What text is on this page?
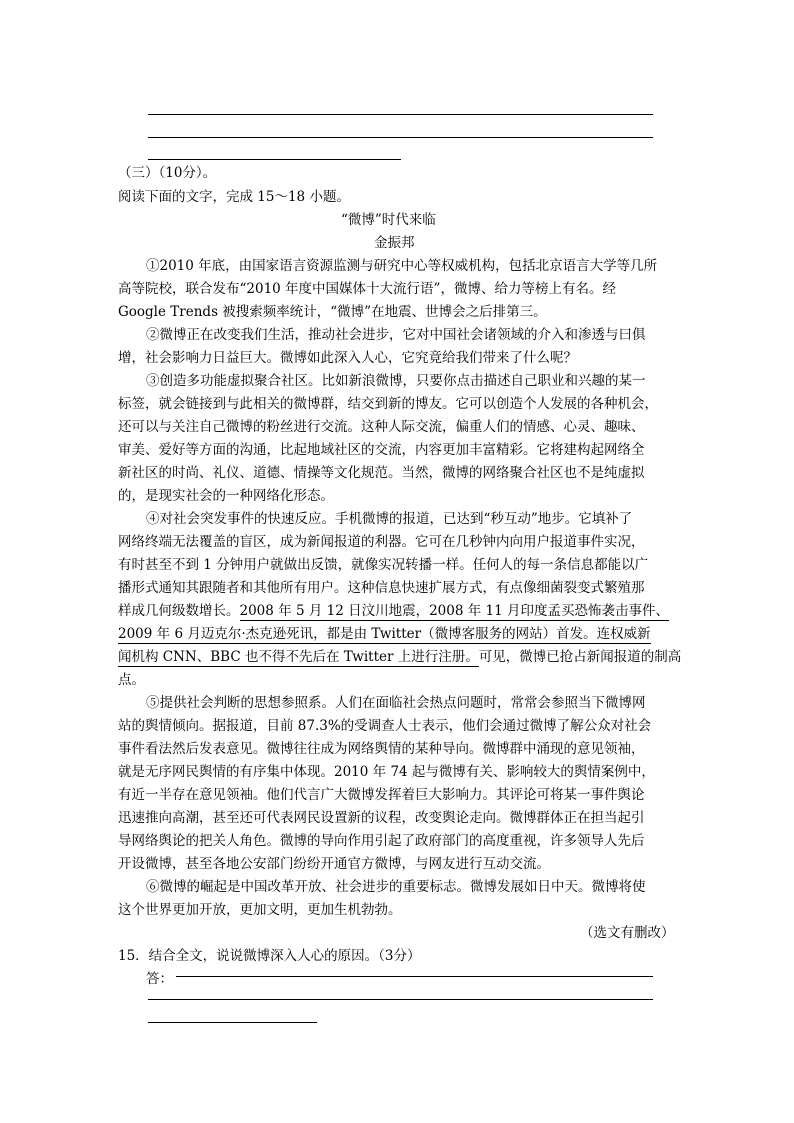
（三）（10分）。
阅读下面的文字，完成 15～18 小题。
“微博”时代来临
金振邦
①2010 年底，由国家语言资源监测与研究中心等权威机构，包括北京语言大学等几所
高等院校，联合发布“2010 年度中国媒体十大流行语”，微博、给力等榜上有名。经
Google Trends 被搜索频率统计，“微博”在地震、世博会之后排第三。
②微博正在改变我们生活，推动社会进步，它对中国社会诸领域的介入和渗透与曰俱
增，社会影响力日益巨大。微博如此深入人心，它究竟给我们带来了什么呢？
③创造多功能虚拟聚合社区。比如新浪微博，只要你点击描述自己职业和兴趣的某一
标签，就会链接到与此相关的微博群，结交到新的博友。它可以创造个人发展的各种机会，
还可以与关注自己微博的粉丝进行交流。这种人际交流，偏重人们的情感、心灵、趣味、
审美、爱好等方面的沟通，比起地域社区的交流，内容更加丰富精彩。它将建构起网络全
新社区的时尚、礼仪、道德、情操等文化规范。当然，微博的网络聚合社区也不是纯虚拟
的，是现实社会的一种网络化形态。
④对社会突发事件的快速反应。手机微博的报道，已达到“秒互动”地步。它填补了
网络终端无法覆盖的盲区，成为新闻报道的利器。它可在几秒钟内向用户报道事件实况，
有时甚至不到 1 分钟用户就做出反馈，就像实况转播一样。任何人的每一条信息都能以广
播形式通知其跟随者和其他所有用户。这种信息快速扩展方式，有点像细菌裂变式繁殖那
样成几何级数增长。2008 年 5 月 12 日汶川地震，2008 年 11 月印度孟买恐怖袭击事件、
2009 年 6 月迈克尔·杰克逊死讯，都是由 Twitter（微博客服务的网站）首发。连权威新
闻机构 CNN、BBC 也不得不先后在 Twitter 上进行注册。可见，微博已抢占新闻报道的制高
点。
⑤提供社会判断的思想参照系。人们在面临社会热点问题时，常常会参照当下微博网
站的舆情倾向。据报道，目前 87.3%的受调查人士表示，他们会通过微博了解公众对社会
事件看法然后发表意见。微博往往成为网络舆情的某种导向。微博群中涌现的意见领袖，
就是无序网民舆情的有序集中体现。2010 年 74 起与微博有关、影响较大的舆情案例中，
有近一半存在意见领袖。他们代言广大微博发挥着巨大影响力。其评论可将某一事件舆论
迅速推向高潮，甚至还可代表网民设置新的议程，改变舆论走向。微博群体正在担当起引
导网络舆论的把关人角色。微博的导向作用引起了政府部门的高度重视，许多领导人先后
开设微博，甚至各地公安部门纷纷开通官方微博，与网友进行互动交流。
⑥微博的崛起是中国改革开放、社会进步的重要标志。微博发展如日中天。微博将使
这个世界更加开放，更加文明，更加生机勃勃。
（选文有删改）
15．结合全文，说说微博深入人心的原因。（3分）
答：
